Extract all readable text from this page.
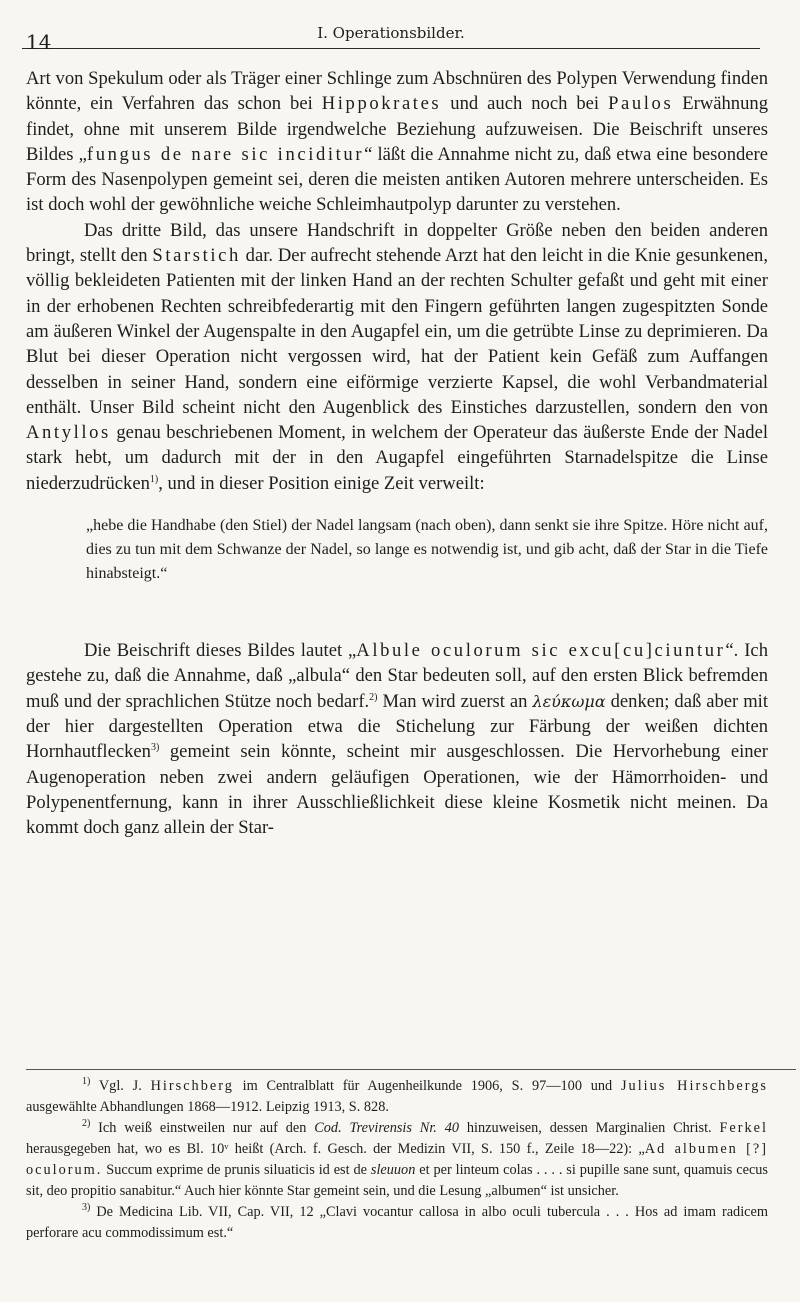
14	I. Operationsbilder.

Art von Spekulum oder als Träger einer Schlinge zum Abschnüren des Polypen Verwendung finden könnte, ein Verfahren das schon bei Hippokrates und auch noch bei Paulos Erwähnung findet, ohne mit unserem Bilde irgendwelche Beziehung aufzuweisen. Die Beischrift unseres Bildes „fungus de nare sic inciditur“ läßt die Annahme nicht zu, daß etwa eine besondere Form des Nasenpolypen gemeint sei, deren die meisten antiken Autoren mehrere unterscheiden. Es ist doch wohl der gewöhnliche weiche Schleimhautpolyp darunter zu verstehen.

Das dritte Bild, das unsere Handschrift in doppelter Größe neben den beiden anderen bringt, stellt den Starstich dar. Der aufrecht stehende Arzt hat den leicht in die Knie gesunkenen, völlig bekleideten Patienten mit der linken Hand an der rechten Schulter gefaßt und geht mit einer in der erhobenen Rechten schreibfederartig mit den Fingern geführten langen zugespitzten Sonde am äußeren Winkel der Augenspalte in den Augapfel ein, um die getrübte Linse zu deprimieren. Da Blut bei dieser Operation nicht vergossen wird, hat der Patient kein Gefäß zum Auffangen desselben in seiner Hand, sondern eine eiförmige verzierte Kapsel, die wohl Verbandmaterial enthält. Unser Bild scheint nicht den Augenblick des Einstiches darzustellen, sondern den von Antyllos genau beschriebenen Moment, in welchem der Operateur das äußerste Ende der Nadel stark hebt, um dadurch mit der in den Augapfel eingeführten Starnadelspitze die Linse niederzudrücken$^{1)}$, und in dieser Position einige Zeit verweilt:

„hebe die Handhabe (den Stiel) der Nadel langsam (nach oben), dann senkt sie ihre Spitze. Höre nicht auf, dies zu tun mit dem Schwanze der Nadel, so lange es notwendig ist, und gib acht, daß der Star in die Tiefe hinabsteigt.“

Die Beischrift dieses Bildes lautet „Albule oculorum sic excu[cu]ciuntur“. Ich gestehe zu, daß die Annahme, daß „albula“ den Star bedeuten soll, auf den ersten Blick befremden muß und der sprachlichen Stütze noch bedarf.$^{2)}$ Man wird zuerst an λεύκωμα denken; daß aber mit der hier dargestellten Operation etwa die Stichelung zur Färbung der weißen dichten Hornhautflecken$^{3)}$ gemeint sein könnte, scheint mir ausgeschlossen. Die Hervorhebung einer Augenoperation neben zwei andern geläufigen Operationen, wie der Hämorrhoiden- und Polypenentfernung, kann in ihrer Ausschließlichkeit diese kleine Kosmetik nicht meinen. Da kommt doch ganz allein der Star-

$^{1)}$ Vgl. J. Hirschberg im Centralblatt für Augenheilkunde 1906, S. 97—100 und Julius Hirschbergs ausgewählte Abhandlungen 1868—1912. Leipzig 1913, S. 828.

$^{2)}$ Ich weiß einstweilen nur auf den Cod. Trevirensis Nr. 40 hinzuweisen, dessen Marginalien Christ. Ferkel herausgegeben hat, wo es Bl. 10ᵛ heißt (Arch. f. Gesch. der Medizin VII, S. 150 f., Zeile 18—22): „Ad albumen [?] oculorum. Succum exprime de prunis siluaticis id est de sleuuon et per linteum colas . . . . si pupille sane sunt, quamuis cecus sit, deo propitio sanabitur.“ Auch hier könnte Star gemeint sein, und die Lesung „albumen“ ist unsicher.

$^{3)}$ De Medicina Lib. VII, Cap. VII, 12 „Clavi vocantur callosa in albo oculi tubercula . . . Hos ad imam radicem perforare acu commodissimum est.“
